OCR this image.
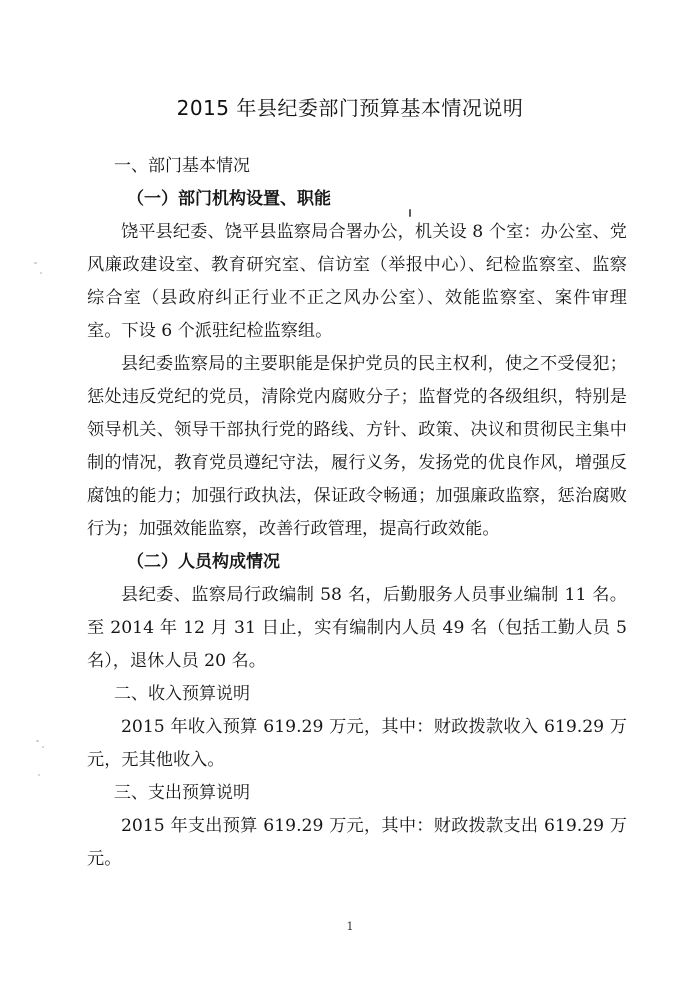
2015 年县纪委部门预算基本情况说明
一、部门基本情况
（一）部门机构设置、职能

饶平县纪委、饶平县监察局合署办公，机关设 8 个室：办公室、党风廉政建设室、教育研究室、信访室（举报中心）、纪检监察室、监察综合室（县政府纠正行业不正之风办公室）、效能监察室、案件审理室。下设 6 个派驻纪检监察组。

县纪委监察局的主要职能是保护党员的民主权利，使之不受侵犯；惩处违反党纪的党员，清除党内腐败分子；监督党的各级组织，特别是领导机关、领导干部执行党的路线、方针、政策、决议和贯彻民主集中制的情况，教育党员遵纪守法，履行义务，发扬党的优良作风，增强反腐蚀的能力；加强行政执法，保证政令畅通；加强廉政监察，惩治腐败行为；加强效能监察，改善行政管理，提高行政效能。

（二）人员构成情况

县纪委、监察局行政编制 58 名，后勤服务人员事业编制 11 名。至 2014 年 12 月 31 日止，实有编制内人员 49 名（包括工勤人员 5 名），退休人员 20 名。

二、收入预算说明

2015 年收入预算 619.29 万元，其中：财政拨款收入 619.29 万元，无其他收入。

三、支出预算说明

2015 年支出预算 619.29 万元，其中：财政拨款支出 619.29 万元。

1
